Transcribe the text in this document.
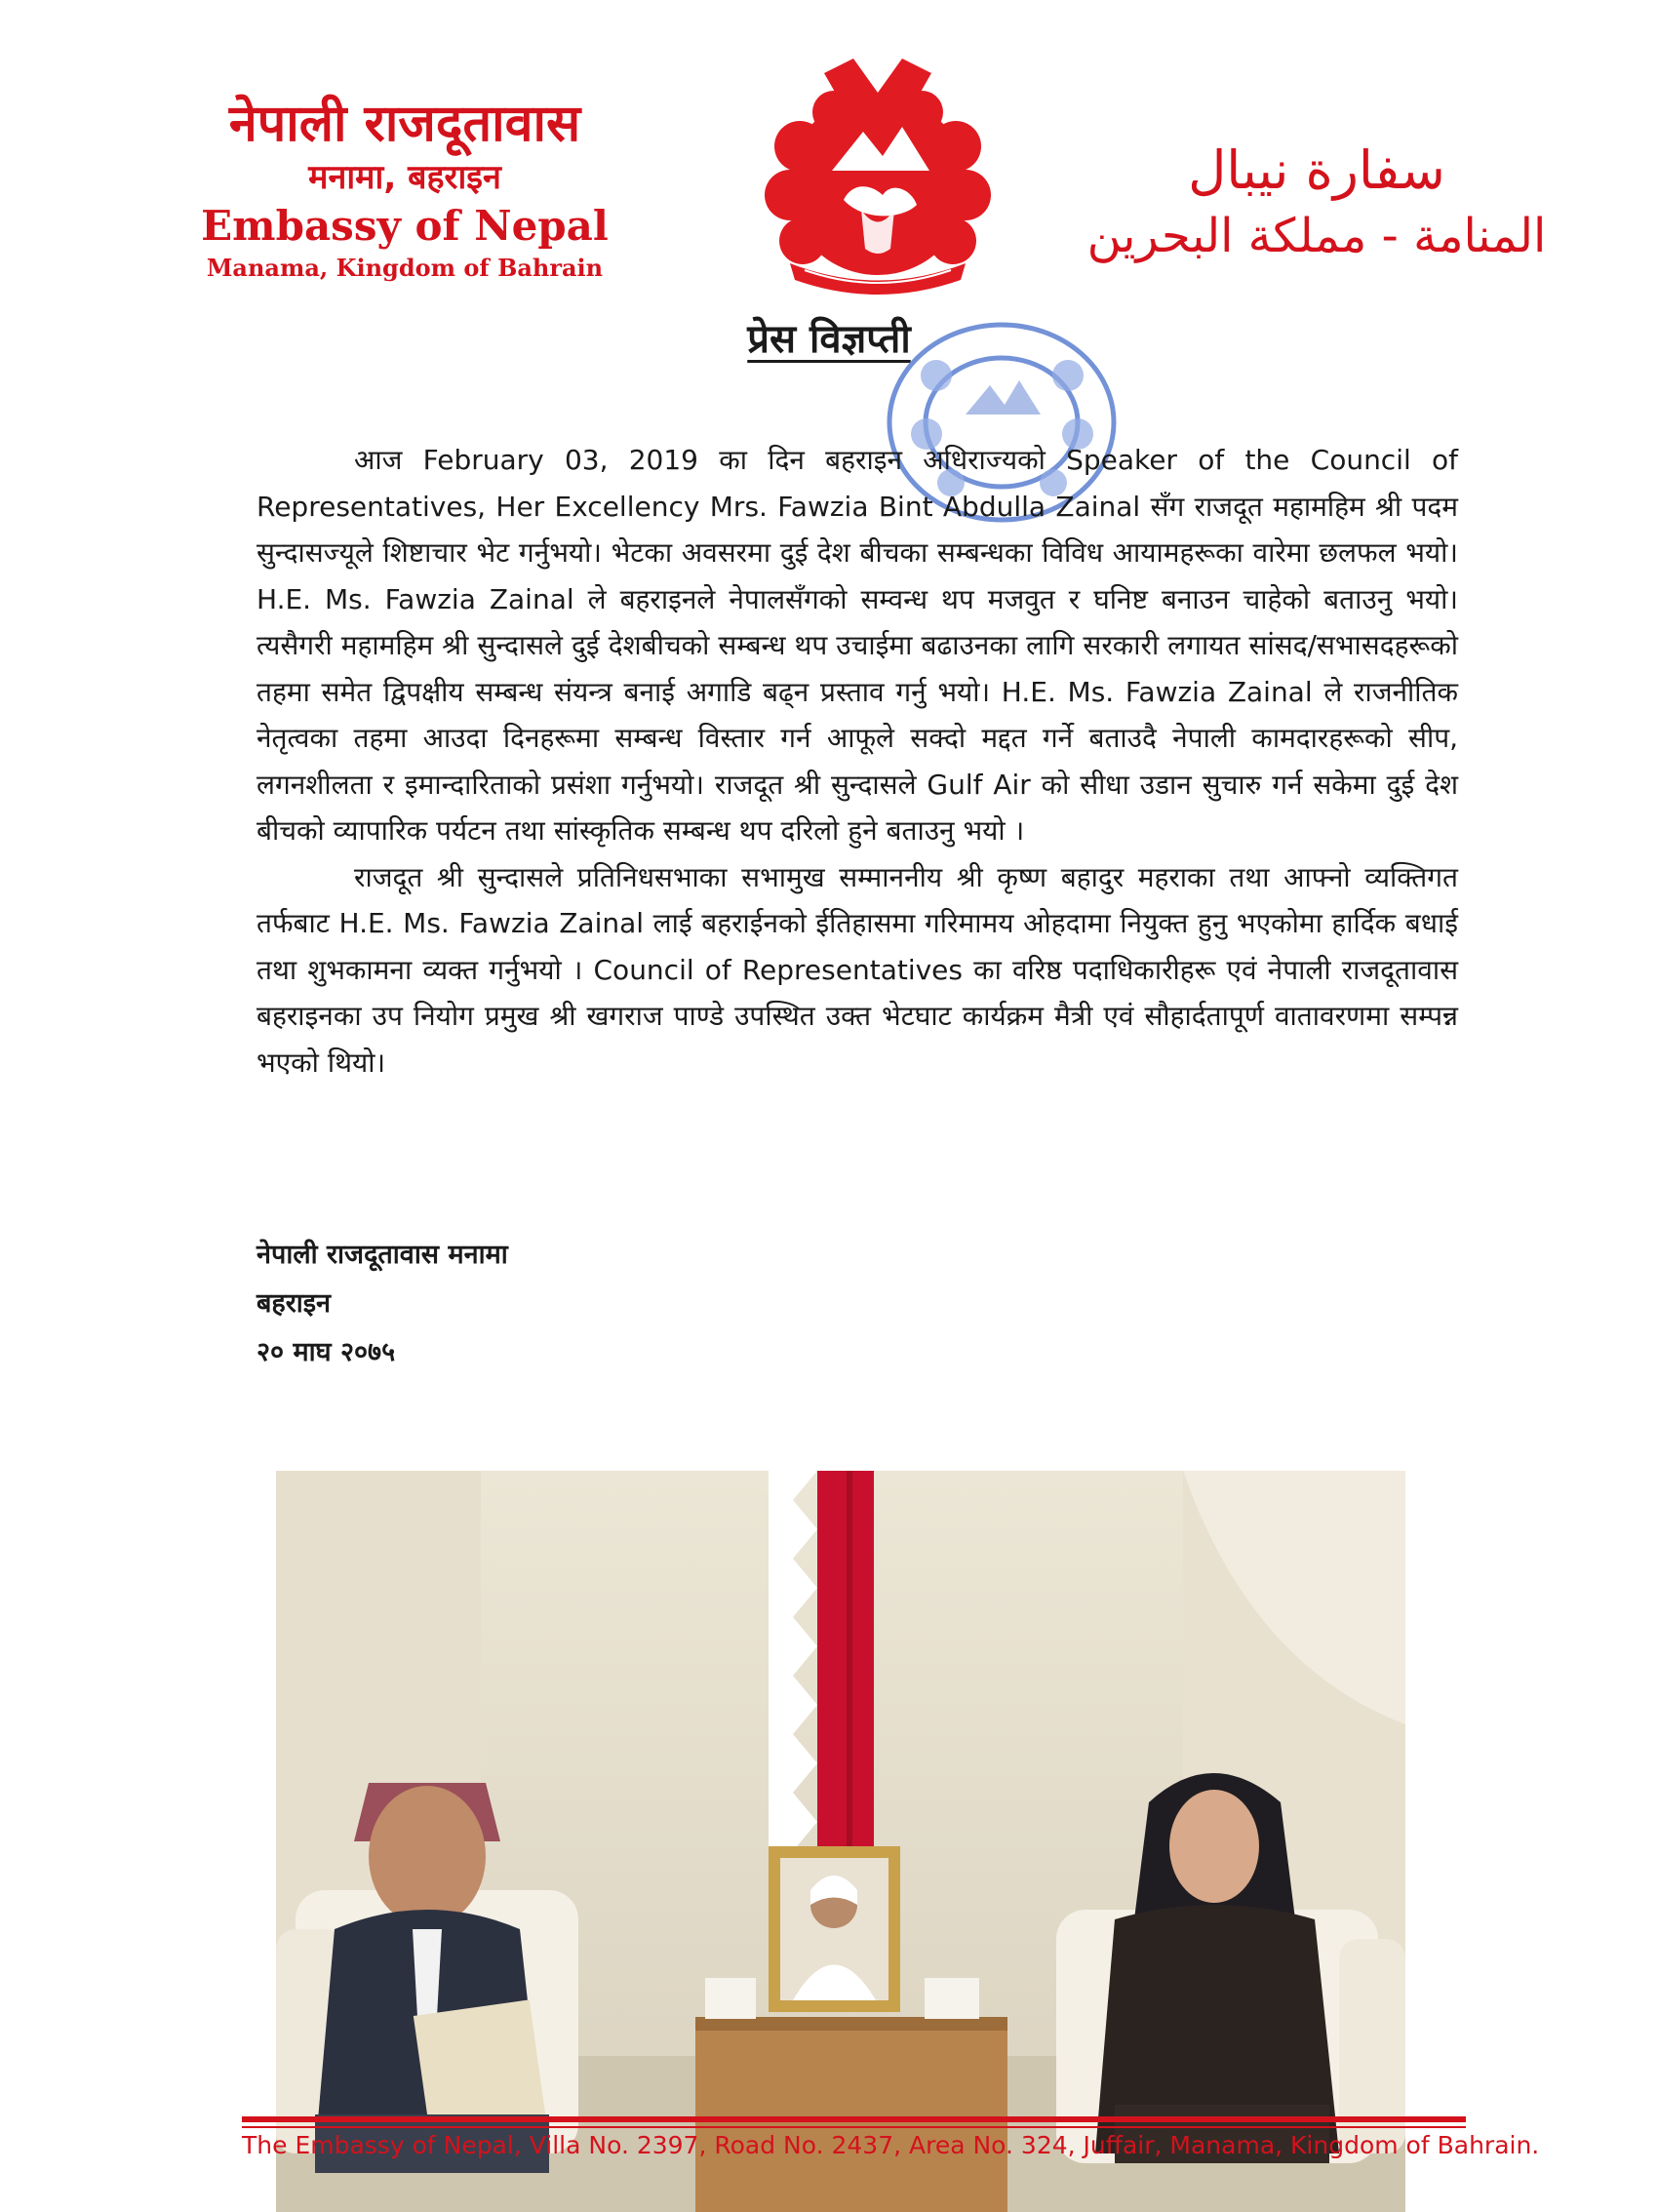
नेपाली राजदूतावास
मनामा, बहराइन
Embassy of Nepal
Manama, Kingdom of Bahrain
سفارة نيبال
المنامة - مملكة البحرين
प्रेस विज्ञप्ती

आज February 03, 2019 का दिन बहराइन अधिराज्यको Speaker of the Council of Representatives, Her Excellency Mrs. Fawzia Bint Abdulla Zainal सँग राजदूत महामहिम श्री पदम सुन्दासज्यूले शिष्टाचार भेट गर्नुभयो। भेटका अवसरमा दुई देश बीचका सम्बन्धका विविध आयामहरूका वारेमा छलफल भयो। H.E. Ms. Fawzia Zainal ले बहराइनले नेपालसँगको सम्वन्ध थप मजवुत र घनिष्ट बनाउन चाहेको बताउनु भयो। त्यसैगरी महामहिम श्री सुन्दासले दुई देशबीचको सम्बन्ध थप उचाईमा बढाउनका लागि सरकारी लगायत सांसद/सभासदहरूको तहमा समेत द्विपक्षीय सम्बन्ध संयन्त्र बनाई अगाडि बढ्न प्रस्ताव गर्नु भयो। H.E. Ms. Fawzia Zainal ले राजनीतिक नेतृत्वका तहमा आउदा दिनहरूमा सम्बन्ध विस्तार गर्न आफूले सक्दो मद्दत गर्ने बताउदै नेपाली कामदारहरूको सीप, लगनशीलता र इमान्दारिताको प्रसंशा गर्नुभयो। राजदूत श्री सुन्दासले Gulf Air को सीधा उडान सुचारु गर्न सकेमा दुई देश बीचको व्यापारिक पर्यटन तथा सांस्कृतिक सम्बन्ध थप दरिलो हुने बताउनु भयो ।

राजदूत श्री सुन्दासले प्रतिनिधसभाका सभामुख सम्माननीय श्री कृष्ण बहादुर महराका तथा आफ्नो व्यक्तिगत तर्फबाट H.E. Ms. Fawzia Zainal लाई बहराईनको ईतिहासमा गरिमामय ओहदामा नियुक्त हुनु भएकोमा हार्दिक बधाई तथा शुभकामना व्यक्त गर्नुभयो । Council of Representatives का वरिष्ठ पदाधिकारीहरू एवं नेपाली राजदूतावास बहराइनका उप नियोग प्रमुख श्री खगराज पाण्डे उपस्थित उक्त भेटघाट कार्यक्रम मैत्री एवं सौहार्दतापूर्ण वातावरणमा सम्पन्न भएको थियो।

नेपाली राजदूतावास मनामा
बहराइन
२० माघ २०७५
The Embassy of Nepal, Villa No. 2397, Road No. 2437, Area No. 324, Juffair, Manama, Kingdom of Bahrain.
